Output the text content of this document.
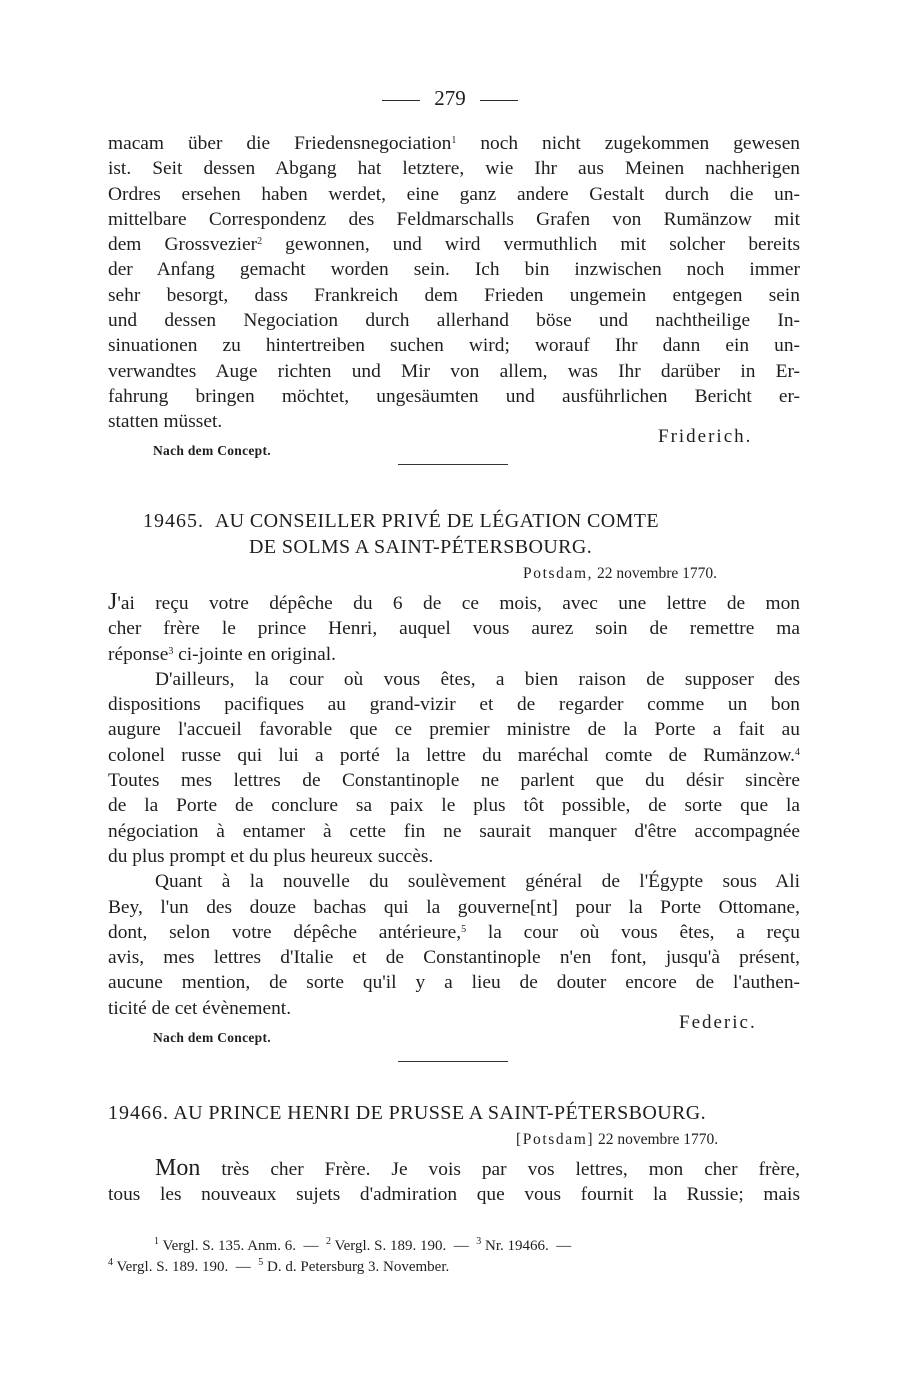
279

macam über die Friedensnegociation$^1$ noch nicht zugekommen gewesen

ist. Seit dessen Abgang hat letztere, wie Ihr aus Meinen nachherigen

Ordres ersehen haben werdet, eine ganz andere Gestalt durch die un-

mittelbare Correspondenz des Feldmarschalls Grafen von Rumänzow mit

dem Grossvezier$^2$ gewonnen, und wird vermuthlich mit solcher bereits

der Anfang gemacht worden sein. Ich bin inzwischen noch immer

sehr besorgt, dass Frankreich dem Frieden ungemein entgegen sein

und dessen Negociation durch allerhand böse und nachtheilige In-

sinuationen zu hintertreiben suchen wird; worauf Ihr dann ein un-

verwandtes Auge richten und Mir von allem, was Ihr darüber in Er-

fahrung bringen möchtet, ungesäumten und ausführlichen Bericht er-

statten müsset.

Friderich.
Nach dem Concept.
19465. AU CONSEILLER PRIVÉ DE LÉGATION COMTE
DE SOLMS A SAINT-PÉTERSBOURG.
Potsdam, 22 novembre 1770.

J'ai reçu votre dépêche du 6 de ce mois, avec une lettre de mon

cher frère le prince Henri, auquel vous aurez soin de remettre ma

réponse$^3$ ci-jointe en original.

D'ailleurs, la cour où vous êtes, a bien raison de supposer des

dispositions pacifiques au grand-vizir et de regarder comme un bon

augure l'accueil favorable que ce premier ministre de la Porte a fait au

colonel russe qui lui a porté la lettre du maréchal comte de Rumänzow.$^4$

Toutes mes lettres de Constantinople ne parlent que du désir sincère

de la Porte de conclure sa paix le plus tôt possible, de sorte que la

négociation à entamer à cette fin ne saurait manquer d'être accompagnée

du plus prompt et du plus heureux succès.

Quant à la nouvelle du soulèvement général de l'Égypte sous Ali

Bey, l'un des douze bachas qui la gouverne[nt] pour la Porte Ottomane,

dont, selon votre dépêche antérieure,$^5$ la cour où vous êtes, a reçu

avis, mes lettres d'Italie et de Constantinople n'en font, jusqu'à présent,

aucune mention, de sorte qu'il y a lieu de douter encore de l'authen-

ticité de cet évènement.

Federic.
Nach dem Concept.
19466. AU PRINCE HENRI DE PRUSSE A SAINT-PÉTERSBOURG.
[Potsdam] 22 novembre 1770.

Mon très cher Frère. Je vois par vos lettres, mon cher frère,

tous les nouveaux sujets d'admiration que vous fournit la Russie; mais

$^1$ Vergl. S. 135. Anm. 6. — $^2$ Vergl. S. 189. 190. — $^3$ Nr. 19466. —
$^4$ Vergl. S. 189. 190. — $^5$ D. d. Petersburg 3. November.
